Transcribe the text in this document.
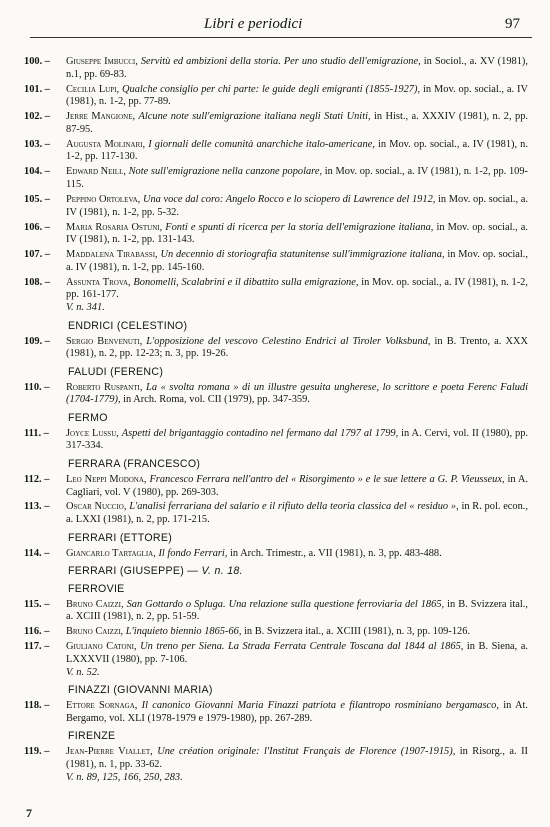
Libri e periodici	97
100. –	Giuseppe Imbucci, Servitù ed ambizioni della storia. Per uno studio dell'emigrazione, in Sociol., a. XV (1981), n.1, pp. 69-83.
101. –	Cecilia Lupi, Qualche consiglio per chi parte: le guide degli emigranti (1855-1927), in Mov. op. social., a. IV (1981), n. 1-2, pp. 77-89.
102. –	Jerre Mangione, Alcune note sull'emigrazione italiana negli Stati Uniti, in Hist., a. XXXIV (1981), n. 2, pp. 87-95.
103. –	Augusta Molinari, I giornali delle comunità anarchiche italo-americane, in Mov. op. social., a. IV (1981), n. 1-2, pp. 117-130.
104. –	Edward Neill, Note sull'emigrazione nella canzone popolare, in Mov. op. social., a. IV (1981), n. 1-2, pp. 109-115.
105. –	Peppino Ortoleva, Una voce dal coro: Angelo Rocco e lo sciopero di Lawrence del 1912, in Mov. op. social., a. IV (1981), n. 1-2, pp. 5-32.
106. –	Maria Rosaria Ostuni, Fonti e spunti di ricerca per la storia dell'emigrazione italiana, in Mov. op. social., a. IV (1981), n. 1-2, pp. 131-143.
107. –	Maddalena Tirabassi, Un decennio di storiografia statunitense sull'immigrazione italiana, in Mov. op. social., a. IV (1981), n. 1-2, pp. 145-160.
108. –	Assunta Trova, Bonomelli, Scalabrini e il dibattito sulla emigrazione, in Mov. op. social., a. IV (1981), n. 1-2, pp. 161-177.
V. n. 341.
ENDRICI (CELESTINO)
109. –	Sergio Benvenuti, L'opposizione del vescovo Celestino Endrici al Tiroler Volksbund, in B. Trento, a. XXX (1981), n. 2, pp. 12-23; n. 3, pp. 19-26.
FALUDI (FERENC)
110. –	Roberto Ruspanti, La « svolta romana » di un illustre gesuita ungherese, lo scrittore e poeta Ferenc Faludi (1704-1779), in Arch. Roma, vol. CII (1979), pp. 347-359.
FERMO
111. –	Joyce Lussu, Aspetti del brigantaggio contadino nel fermano dal 1797 al 1799, in A. Cervi, vol. II (1980), pp. 317-334.
FERRARA (FRANCESCO)
112. –	Leo Neppi Modona, Francesco Ferrara nell'antro del « Risorgimento » e le sue lettere a G. P. Vieusseux, in A. Cagliari, vol. V (1980), pp. 269-303.
113. –	Oscar Nuccio, L'analisi ferrariana del salario e il rifiuto della teoria classica del « residuo », in R. pol. econ., a. LXXI (1981), n. 2, pp. 171-215.
FERRARI (ETTORE)
114. –	Giancarlo Tartaglia, Il fondo Ferrari, in Arch. Trimestr., a. VII (1981), n. 3, pp. 483-488.
FERRARI (GIUSEPPE) — V. n. 18.
FERROVIE
115. –	Bruno Caizzi, San Gottardo o Spluga. Una relazione sulla questione ferroviaria del 1865, in B. Svizzera ital., a. XCIII (1981), n. 2, pp. 51-59.
116. –	Bruno Caizzi, L'inquieto biennio 1865-66, in B. Svizzera ital., a. XCIII (1981), n. 3, pp. 109-126.
117. –	Giuliano Catoni, Un treno per Siena. La Strada Ferrata Centrale Toscana dal 1844 al 1865, in B. Siena, a. LXXXVII (1980), pp. 7-106.
V. n. 52.
FINAZZI (GIOVANNI MARIA)
118. –	Ettore Sornaga, Il canonico Giovanni Maria Finazzi patriota e filantropo rosminiano bergamasco, in At. Bergamo, vol. XLI (1978-1979 e 1979-1980), pp. 267-289.
FIRENZE
119. –	Jean-Pierre Viallet, Une création originale: l'Institut Français de Florence (1907-1915), in Risorg., a. II (1981), n. 1, pp. 33-62.
V. n. 89, 125, 166, 250, 283.
7
